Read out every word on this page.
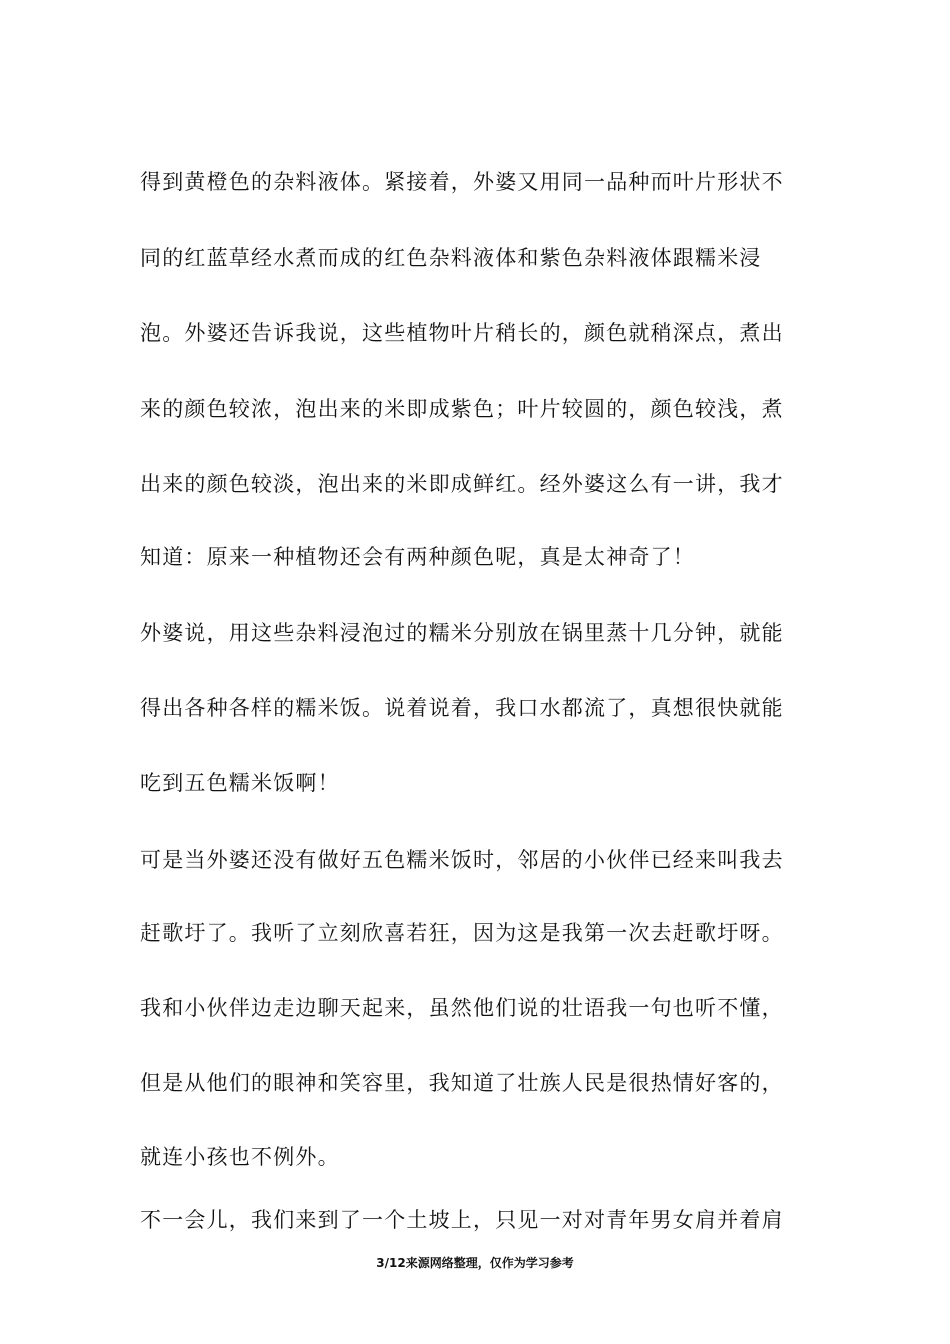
得到黄橙色的杂料液体。紧接着，外婆又用同一品种而叶片形状不
同的红蓝草经水煮而成的红色杂料液体和紫色杂料液体跟糯米浸
泡。外婆还告诉我说，这些植物叶片稍长的，颜色就稍深点，煮出
来的颜色较浓，泡出来的米即成紫色；叶片较圆的，颜色较浅，煮
出来的颜色较淡，泡出来的米即成鲜红。经外婆这么有一讲，我才
知道：原来一种植物还会有两种颜色呢，真是太神奇了！
外婆说，用这些杂料浸泡过的糯米分别放在锅里蒸十几分钟，就能
得出各种各样的糯米饭。说着说着，我口水都流了，真想很快就能
吃到五色糯米饭啊！
可是当外婆还没有做好五色糯米饭时，邻居的小伙伴已经来叫我去
赶歌圩了。我听了立刻欣喜若狂，因为这是我第一次去赶歌圩呀。
我和小伙伴边走边聊天起来，虽然他们说的壮语我一句也听不懂，
但是从他们的眼神和笑容里，我知道了壮族人民是很热情好客的，
就连小孩也不例外。
不一会儿，我们来到了一个土坡上，只见一对对青年男女肩并着肩
3/12来源网络整理，仅作为学习参考
